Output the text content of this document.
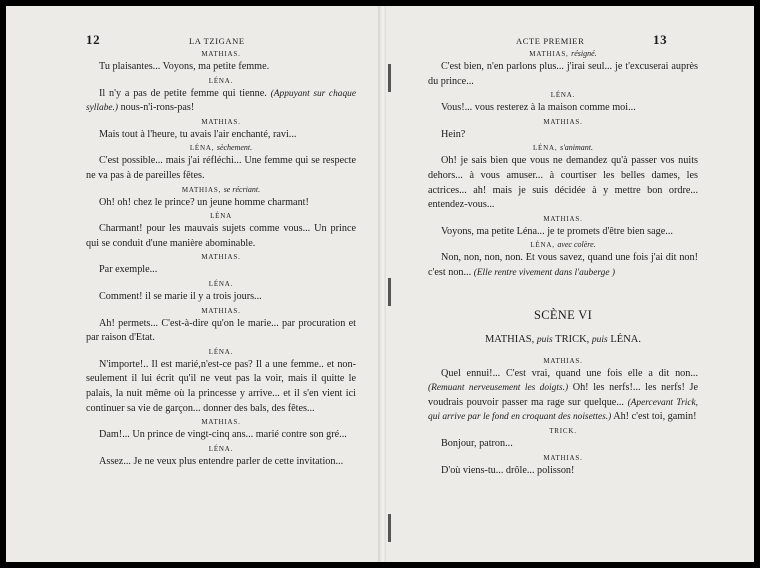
12	LA TZIGANE
MATHIAS.

Tu plaisantes... Voyons, ma petite femme.

LÉNA.

Il n'y a pas de petite femme qui tienne. (Appuyant sur chaque syllabe.) nous-n'i-rons-pas!

MATHIAS.

Mais tout à l'heure, tu avais l'air enchanté, ravi...

LÉNA, sèchement.

C'est possible... mais j'ai réfléchi... Une femme qui se respecte ne va pas à de pareilles fêtes.

MATHIAS, se récriant.

Oh! oh! chez le prince? un jeune homme charmant!

LÉNA

Charmant! pour les mauvais sujets comme vous... Un prince qui se conduit d'une manière abominable.

MATHIAS.

Par exemple...

LÉNA.

Comment! il se marie il y a trois jours...

MATHIAS.

Ah! permets... C'est-à-dire qu'on le marie... par procuration et par raison d'Etat.

LÉNA.

N'importe!.. Il est marié,n'est-ce pas? Il a une femme.. et non-seulement il lui écrit qu'il ne veut pas la voir, mais il quitte le palais, la nuit même où la princesse y arrive... et il s'en vient ici continuer sa vie de garçon... donner des bals, des fêtes...

MATHIAS.

Dam!... Un prince de vingt-cinq ans... marié contre son gré...

LÉNA.

Assez... Je ne veux plus entendre parler de cette invitation...

ACTE PREMIER	13
MATHIAS, résigné.

C'est bien, n'en parlons plus... j'irai seul... je t'excuserai auprès du prince...

LÉNA.

Vous!... vous resterez à la maison comme moi...

MATHIAS.

Hein?

LÉNA, s'animant.

Oh! je sais bien que vous ne demandez qu'à passer vos nuits dehors... à vous amuser... à courtiser les belles dames, les actrices... ah! mais je suis décidée à y mettre bon ordre... entendez-vous...

MATHIAS.

Voyons, ma petite Léna... je te promets d'être bien sage...

LÉNA, avec colère.

Non, non, non, non. Et vous savez, quand une fois j'ai dit non! c'est non... (Elle rentre vivement dans l'auberge )

SCÈNE VI
MATHIAS, puis TRICK, puis LÉNA.
MATHIAS.

Quel ennui!... C'est vrai, quand une fois elle a dit non... (Remuant nerveusement les doigts.) Oh! les nerfs!... les nerfs! Je voudrais pouvoir passer ma rage sur quelque... (Apercevant Trick, qui arrive par le fond en croquant des noisettes.) Ah! c'est toi, gamin!

TRICK.

Bonjour, patron...

MATHIAS.

D'où viens-tu... drôle... polisson!
